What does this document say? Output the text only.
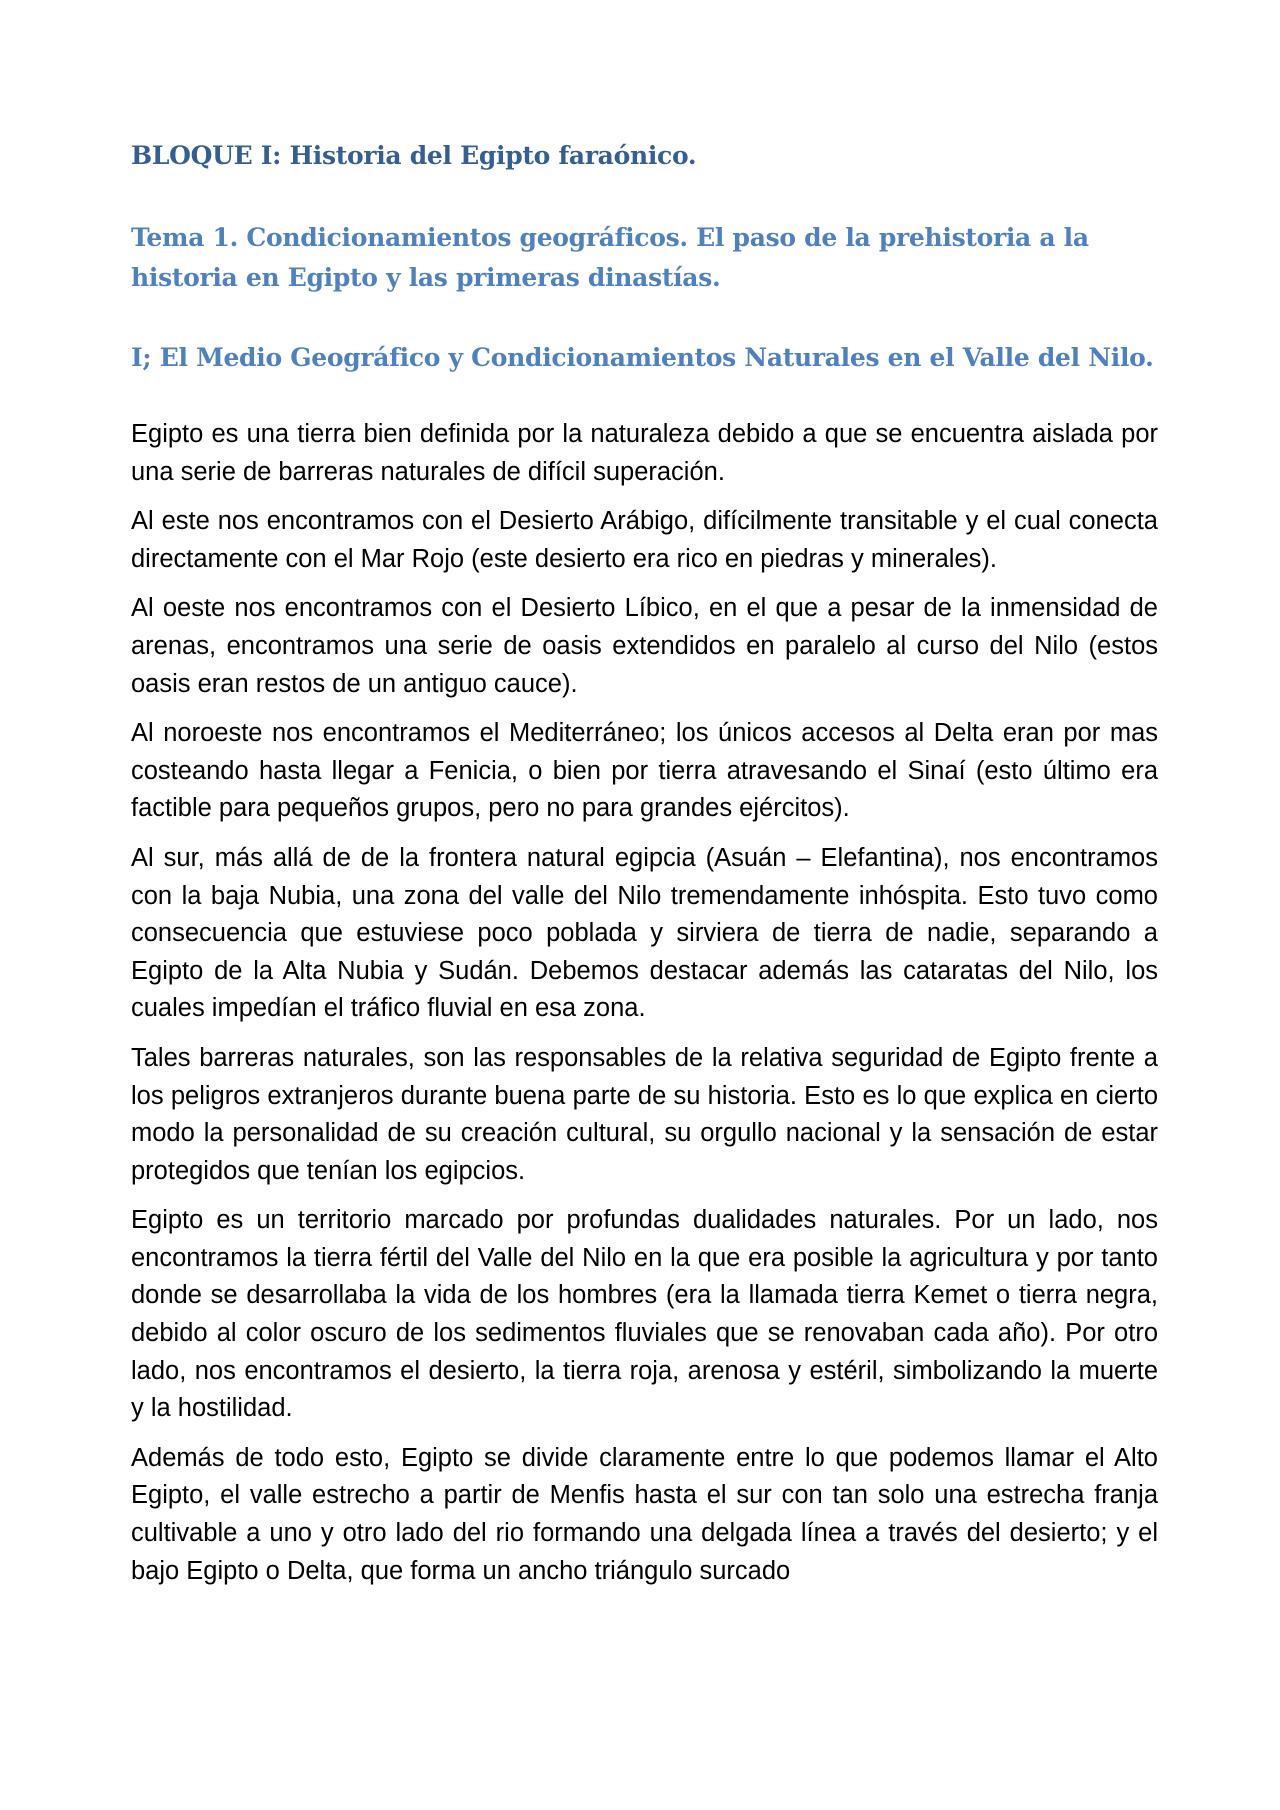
BLOQUE I: Historia del Egipto faraónico.
Tema 1. Condicionamientos geográficos. El paso de la prehistoria a la historia en Egipto y las primeras dinastías.
I; El Medio Geográfico y Condicionamientos Naturales en el Valle del Nilo.

Egipto es una tierra bien definida por la naturaleza debido a que se encuentra aislada por una serie de barreras naturales de difícil superación.

Al este nos encontramos con el Desierto Arábigo, difícilmente transitable y el cual conecta directamente con el Mar Rojo (este desierto era rico en piedras y minerales).

Al oeste nos encontramos con el Desierto Líbico, en el que a pesar de la inmensidad de arenas, encontramos una serie de oasis extendidos en paralelo al curso del Nilo (estos oasis eran restos de un antiguo cauce).

Al noroeste nos encontramos el Mediterráneo; los únicos accesos al Delta eran por mas costeando hasta llegar a Fenicia, o bien por tierra atravesando el Sinaí (esto último era factible para pequeños grupos, pero no para grandes ejércitos).

Al sur, más allá de de la frontera natural egipcia (Asuán – Elefantina), nos encontramos con la baja Nubia, una zona del valle del Nilo tremendamente inhóspita. Esto tuvo como consecuencia que estuviese poco poblada y sirviera de tierra de nadie, separando a Egipto de la Alta Nubia y Sudán. Debemos destacar además las cataratas del Nilo, los cuales impedían el tráfico fluvial en esa zona.

Tales barreras naturales, son las responsables de la relativa seguridad de Egipto frente a los peligros extranjeros durante buena parte de su historia. Esto es lo que explica en cierto modo la personalidad de su creación cultural, su orgullo nacional y la sensación de estar protegidos que tenían los egipcios.

Egipto es un territorio marcado por profundas dualidades naturales. Por un lado, nos encontramos la tierra fértil del Valle del Nilo en la que era posible la agricultura y por tanto donde se desarrollaba la vida de los hombres (era la llamada tierra Kemet o tierra negra, debido al color oscuro de los sedimentos fluviales que se renovaban cada año). Por otro lado, nos encontramos el desierto, la tierra roja, arenosa y estéril, simbolizando la muerte y la hostilidad.

Además de todo esto, Egipto se divide claramente entre lo que podemos llamar el Alto Egipto, el valle estrecho a partir de Menfis hasta el sur con tan solo una estrecha franja cultivable a uno y otro lado del rio formando una delgada línea a través del desierto; y el bajo Egipto o Delta, que forma un ancho triángulo surcado
